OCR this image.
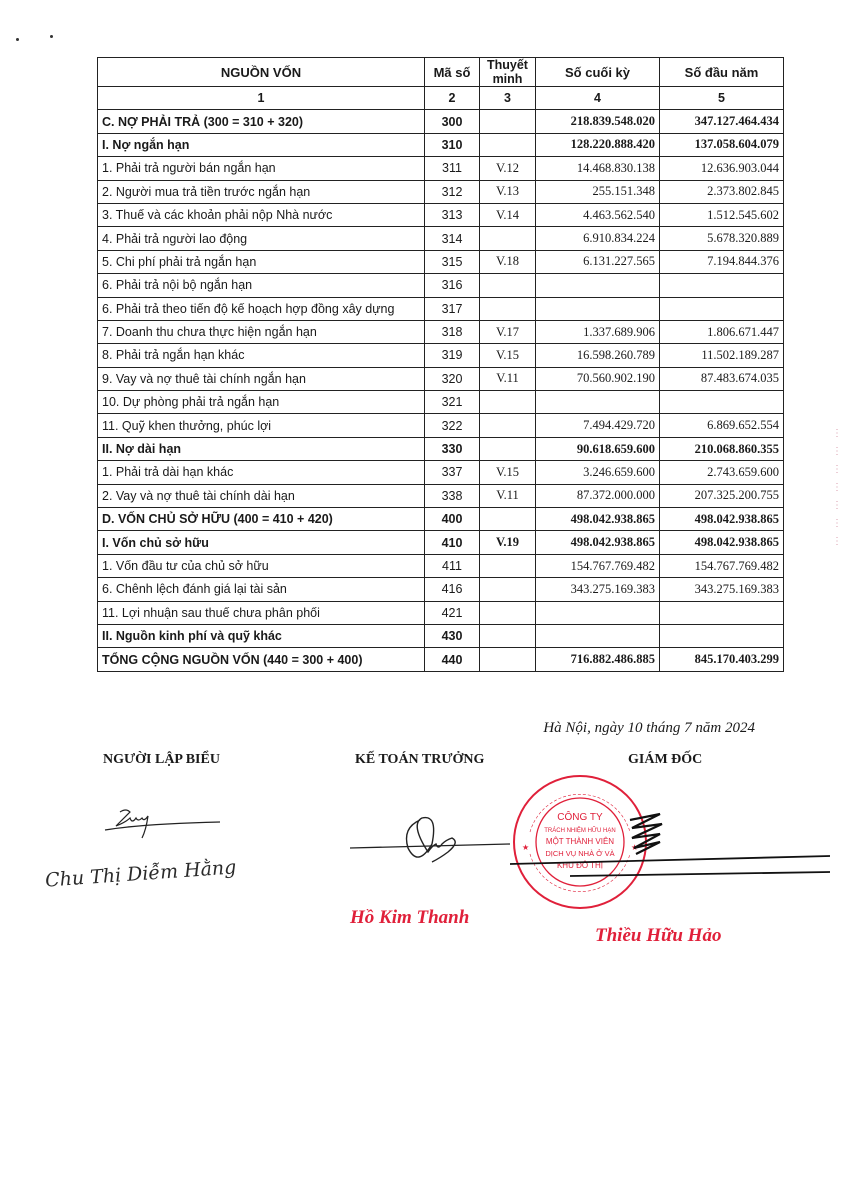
NGUỒN VỐN	Mã số	Thuyết minh	Số cuối kỳ	Số đầu năm
1	2	3	4	5
C. NỢ PHẢI TRẢ (300 = 310 + 320)	300		218.839.548.020	347.127.464.434
I. Nợ ngắn hạn	310		128.220.888.420	137.058.604.079
1. Phải trả người bán ngắn hạn	311	V.12	14.468.830.138	12.636.903.044
2. Người mua trả tiền trước ngắn hạn	312	V.13	255.151.348	2.373.802.845
3. Thuế và các khoản phải nộp Nhà nước	313	V.14	4.463.562.540	1.512.545.602
4. Phải trả người lao động	314		6.910.834.224	5.678.320.889
5. Chi phí phải trả ngắn hạn	315	V.18	6.131.227.565	7.194.844.376
6. Phải trả nội bộ ngắn hạn	316			
6. Phải trả theo tiến độ kế hoạch hợp đồng xây dựng	317			
7. Doanh thu chưa thực hiện ngắn hạn	318	V.17	1.337.689.906	1.806.671.447
8. Phải trả ngắn hạn khác	319	V.15	16.598.260.789	11.502.189.287
9. Vay và nợ thuê tài chính ngắn hạn	320	V.11	70.560.902.190	87.483.674.035
10. Dự phòng phải trả ngắn hạn	321			
11. Quỹ khen thưởng, phúc lợi	322		7.494.429.720	6.869.652.554
II. Nợ dài hạn	330		90.618.659.600	210.068.860.355
1. Phải trả dài hạn khác	337	V.15	3.246.659.600	2.743.659.600
2. Vay và nợ thuê tài chính dài hạn	338	V.11	87.372.000.000	207.325.200.755
D. VỐN CHỦ SỞ HỮU (400 = 410 + 420)	400		498.042.938.865	498.042.938.865
I. Vốn chủ sở hữu	410	V.19	498.042.938.865	498.042.938.865
1. Vốn đầu tư của chủ sở hữu	411		154.767.769.482	154.767.769.482
6. Chênh lệch đánh giá lại tài sản	416		343.275.169.383	343.275.169.383
11. Lợi nhuận sau thuế chưa phân phối	421			
II. Nguồn kinh phí và quỹ khác	430			
TỔNG CỘNG NGUỒN VỐN (440 = 300 + 400)	440		716.882.486.885	845.170.403.299
Hà Nội, ngày 10 tháng 7 năm 2024
NGƯỜI LẬP BIỂU	KẾ TOÁN TRƯỞNG	GIÁM ĐỐC
Chu Thị Diễm Hằng
Hồ Kim Thanh
CÔNG TY
TRÁCH NHIỆM HỮU HẠN
MỘT THÀNH VIÊN
DỊCH VỤ NHÀ Ở VÀ
KHU ĐÔ THỊ
★	★
Thiều Hữu Hảo
⋮
⋮
⋮
⋮
⋮
⋮
⋮
